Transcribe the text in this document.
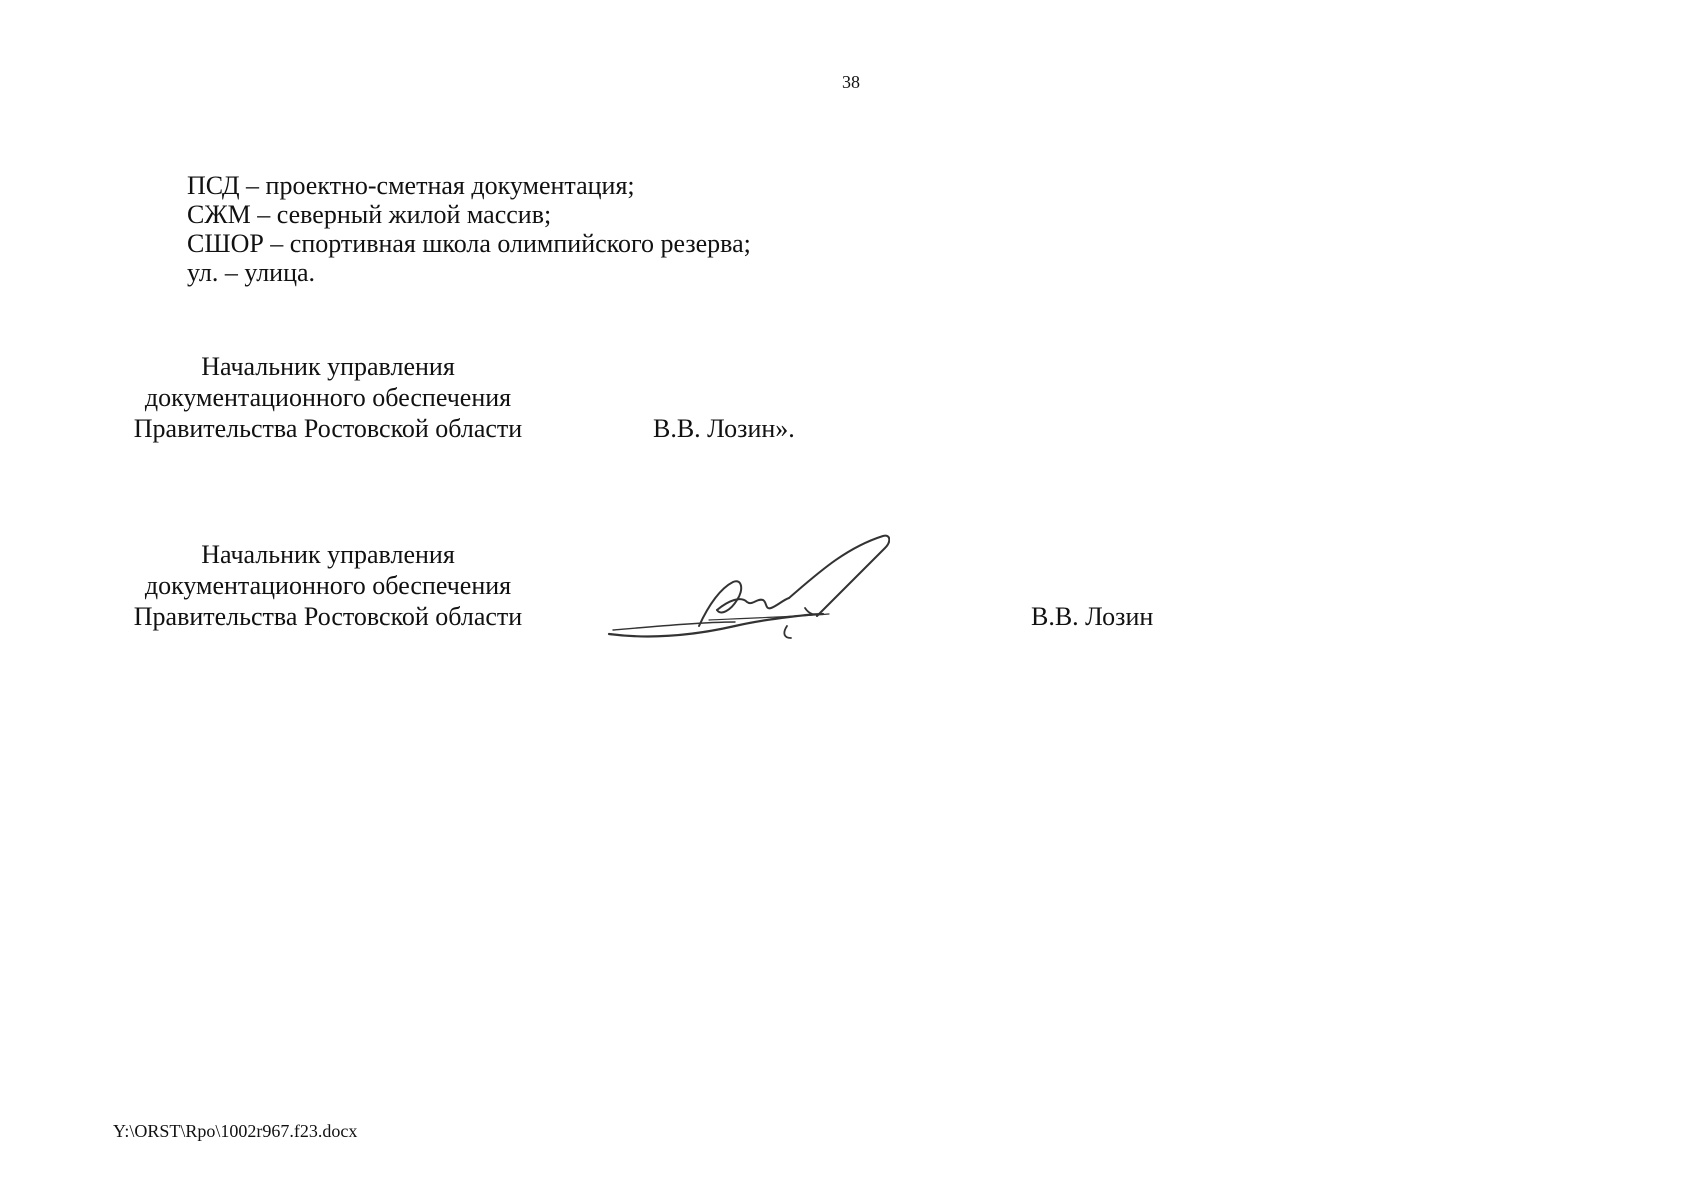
38
ПСД – проектно-сметная документация;
СЖМ – северный жилой массив;
СШОР – спортивная школа олимпийского резерва;
ул. – улица.
Начальник управления
документационного обеспечения
Правительства Ростовской области	В.В. Лозин».
Начальник управления
документационного обеспечения
Правительства Ростовской области	В.В. Лозин
Y:\ORST\Rpo\1002r967.f23.docx
